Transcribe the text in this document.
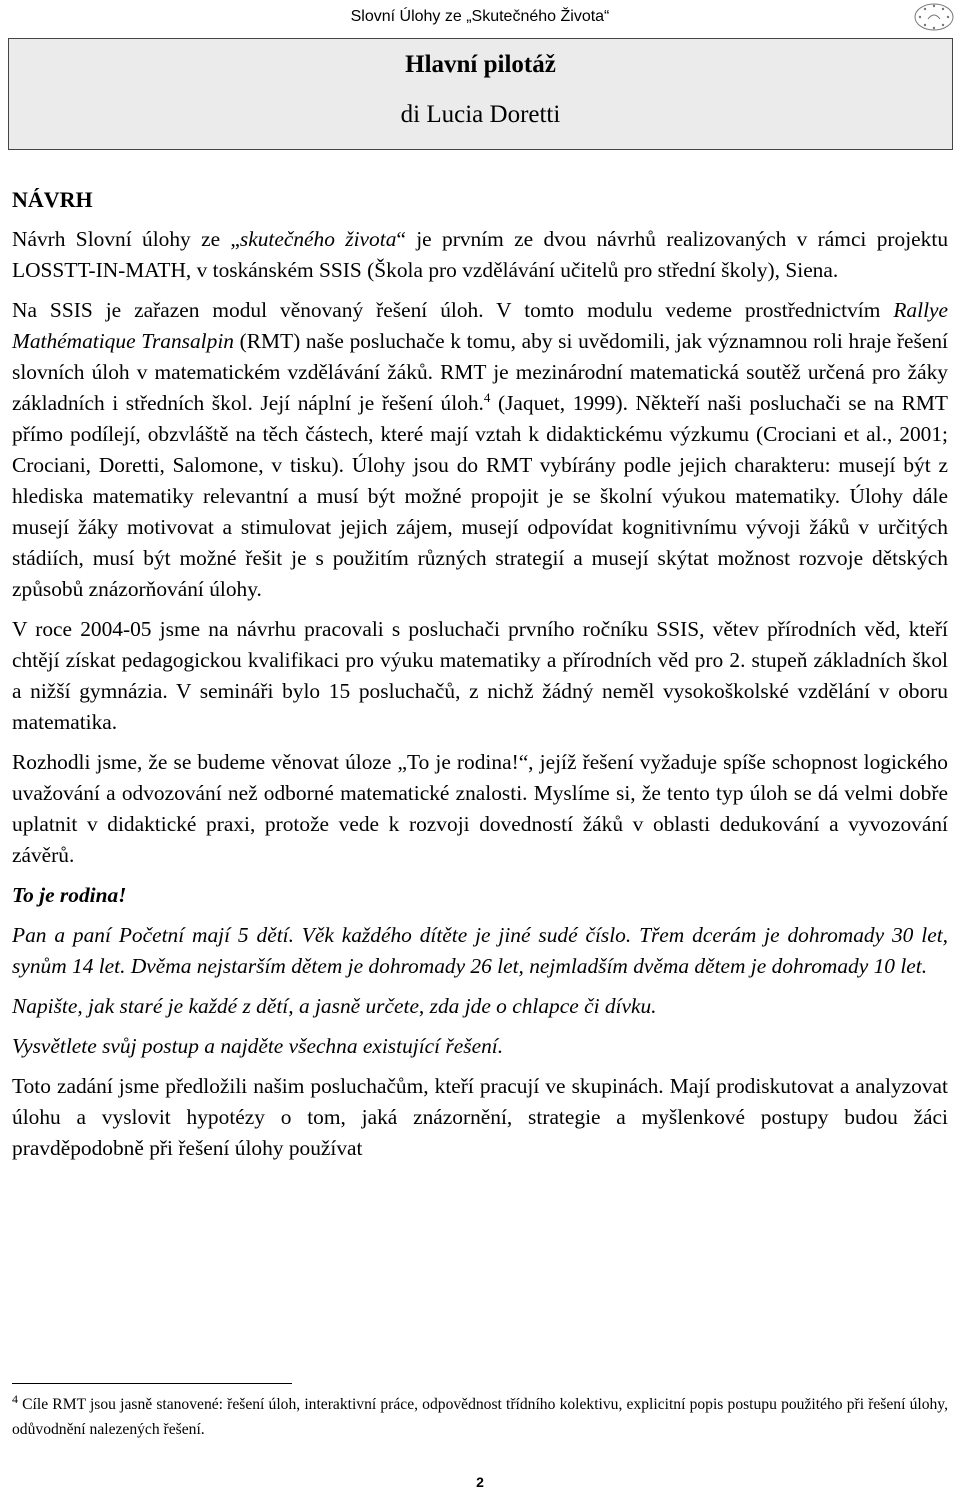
Slovní Úlohy ze „Skutečného Života“
Hlavní pilotáž
di Lucia Doretti

NÁVRH

Návrh Slovní úlohy ze „skutečného života“ je prvním ze dvou návrhů realizovaných v rámci projektu LOSSTT-IN-MATH, v toskánském SSIS (Škola pro vzdělávání učitelů pro střední školy), Siena.

Na SSIS je zařazen modul věnovaný řešení úloh. V tomto modulu vedeme prostřednictvím Rallye Mathématique Transalpin (RMT) naše posluchače k tomu, aby si uvědomili, jak významnou roli hraje řešení slovních úloh v matematickém vzdělávání žáků. RMT je mezinárodní matematická soutěž určená pro žáky základních i středních škol. Její náplní je řešení úloh.$^4$ (Jaquet, 1999). Někteří naši posluchači se na RMT přímo podílejí, obzvláště na těch částech, které mají vztah k didaktickému výzkumu (Crociani et al., 2001; Crociani, Doretti, Salomone, v tisku). Úlohy jsou do RMT vybírány podle jejich charakteru: musejí být z hlediska matematiky relevantní a musí být možné propojit je se školní výukou matematiky. Úlohy dále musejí žáky motivovat a stimulovat jejich zájem, musejí odpovídat kognitivnímu vývoji žáků v určitých stádiích, musí být možné řešit je s použitím různých strategií a musejí skýtat možnost rozvoje dětských způsobů znázorňování úlohy.

V roce 2004-05 jsme na návrhu pracovali s posluchači prvního ročníku SSIS, větev přírodních věd, kteří chtějí získat pedagogickou kvalifikaci pro výuku matematiky a přírodních věd pro 2. stupeň základních škol a nižší gymnázia. V semináři bylo 15 posluchačů, z nichž žádný neměl vysokoškolské vzdělání v oboru matematika.

Rozhodli jsme, že se budeme věnovat úloze „To je rodina!“, jejíž řešení vyžaduje spíše schopnost logického uvažování a odvozování než odborné matematické znalosti. Myslíme si, že tento typ úloh se dá velmi dobře uplatnit v didaktické praxi, protože vede k rozvoji dovedností žáků v oblasti dedukování a vyvozování závěrů.

To je rodina!

Pan a paní Početní mají 5 dětí. Věk každého dítěte je jiné sudé číslo. Třem dcerám je dohromady 30 let, synům 14 let. Dvěma nejstarším dětem je dohromady 26 let, nejmladším dvěma dětem je dohromady 10 let.

Napište, jak staré je každé z dětí, a jasně určete, zda jde o chlapce či dívku.

Vysvětlete svůj postup a najděte všechna existující řešení.

Toto zadání jsme předložili našim posluchačům, kteří pracují ve skupinách. Mají prodiskutovat a analyzovat úlohu a vyslovit hypotézy o tom, jaká znázornění, strategie a myšlenkové postupy budou žáci pravděpodobně při řešení úlohy používat

$^4$ Cíle RMT jsou jasně stanovené: řešení úloh, interaktivní práce, odpovědnost třídního kolektivu, explicitní popis postupu použitého při řešení úlohy, odůvodnění nalezených řešení.
2
